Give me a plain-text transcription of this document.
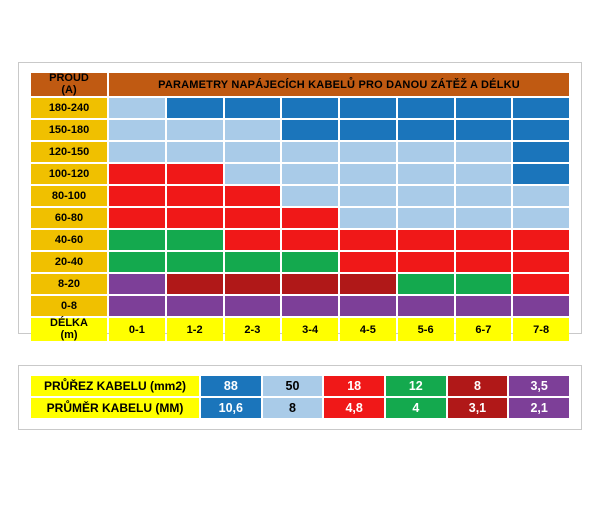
PROUD
(A)	PARAMETRY NAPÁJECÍCH KABELŮ PRO DANOU ZÁTĚŽ A DÉLKU							
180-240								
150-180								
120-150								
100-120								
80-100								
60-80								
40-60								
20-40								
8-20								
0-8								

DÉLKA
(m)	0-1	1-2	2-3	3-4	4-5	5-6	6-7	7-8
PRŮŘEZ KABELU (mm2)	88	50	18	12	8	3,5
PRŮMĚR KABELU (MM)	10,6	8	4,8	4	3,1	2,1
